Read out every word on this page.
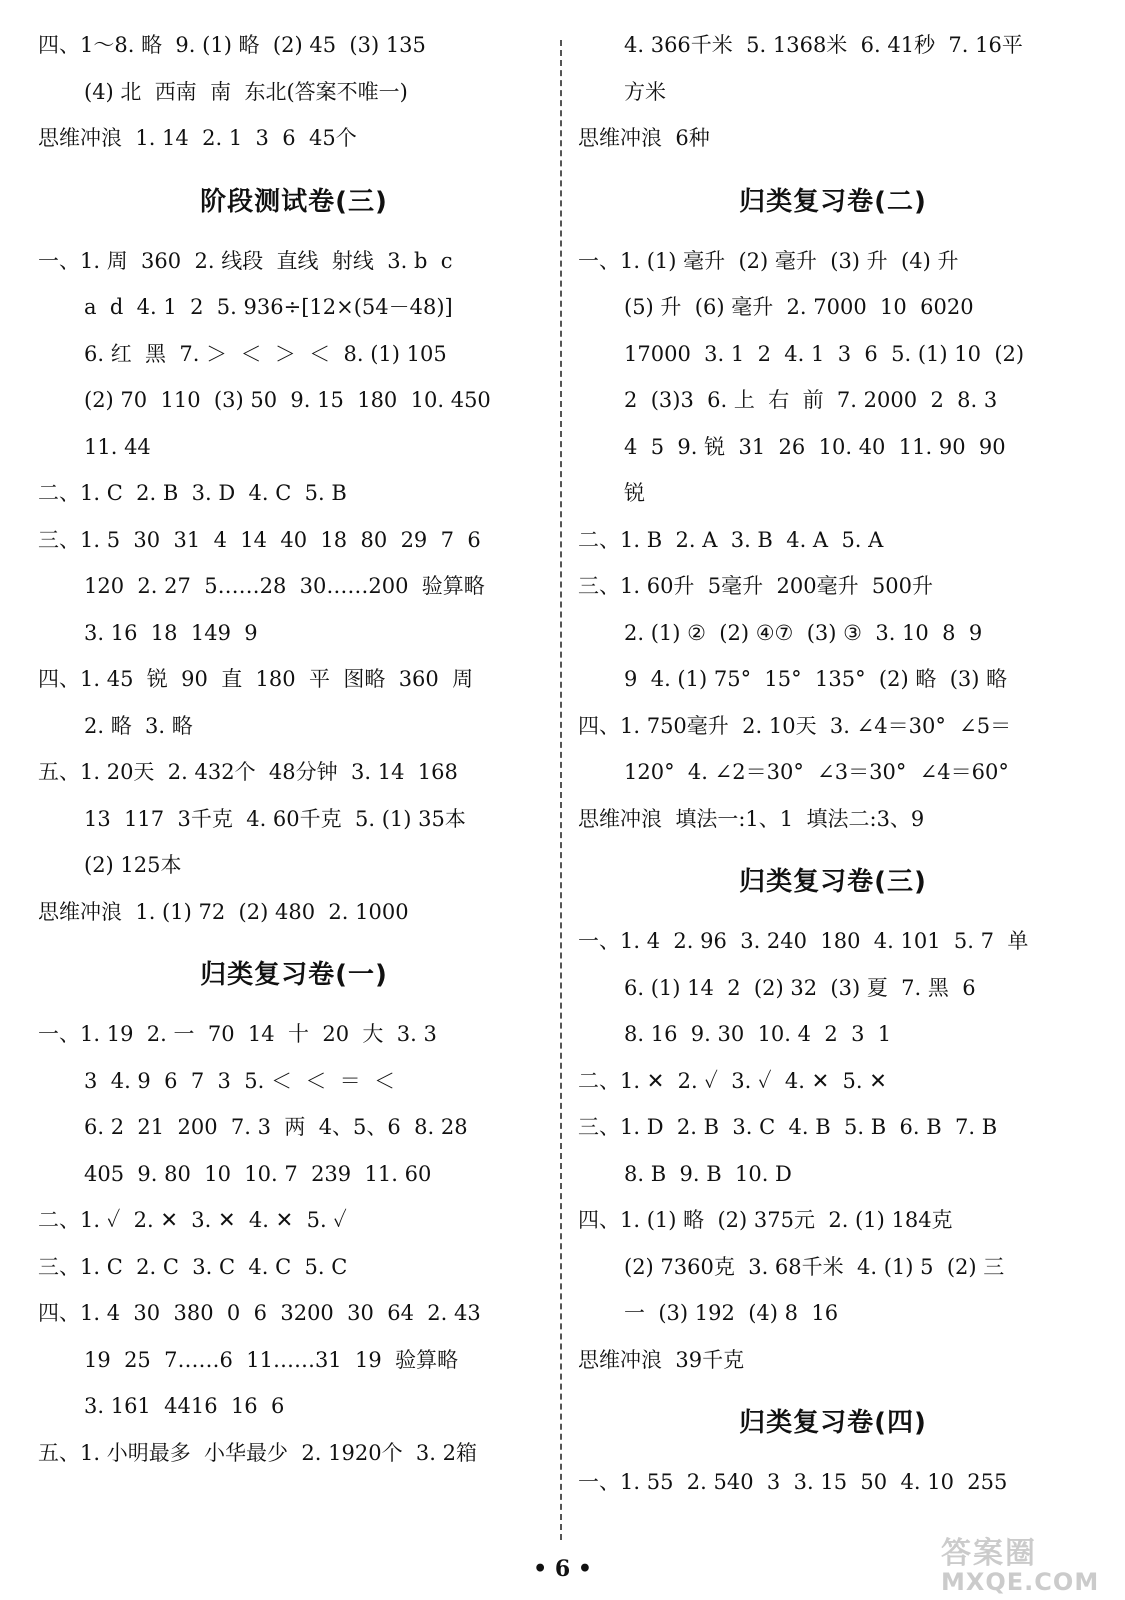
四、1～8. 略  9. (1) 略  (2) 45  (3) 135
(4) 北  西南  南  东北(答案不唯一)
思维冲浪  1. 14  2. 1  3  6  45个
阶段测试卷(三)
一、1. 周  360  2. 线段  直线  射线  3. b  c
a  d  4. 1  2  5. 936÷[12×(54－48)]
6. 红  黑  7. ＞  ＜  ＞  ＜  8. (1) 105
(2) 70  110  (3) 50  9. 15  180  10. 450
11. 44
二、1. C  2. B  3. D  4. C  5. B
三、1. 5  30  31  4  14  40  18  80  29  7  6
120  2. 27  5……28  30……200  验算略
3. 16  18  149  9
四、1. 45  锐  90  直  180  平  图略  360  周
2. 略  3. 略
五、1. 20天  2. 432个  48分钟  3. 14  168
13  117  3千克  4. 60千克  5. (1) 35本
(2) 125本
思维冲浪  1. (1) 72  (2) 480  2. 1000
归类复习卷(一)
一、1. 19  2. 一  70  14  十  20  大  3. 3
3  4. 9  6  7  3  5. ＜  ＜  ＝  ＜
6. 2  21  200  7. 3  两  4、5、6  8. 28
405  9. 80  10  10. 7  239  11. 60
二、1. ✓  2. ✕  3. ✕  4. ✕  5. ✓
三、1. C  2. C  3. C  4. C  5. C
四、1. 4  30  380  0  6  3200  30  64  2. 43
19  25  7……6  11……31  19  验算略
3. 161  4416  16  6
五、1. 小明最多  小华最少  2. 1920个  3. 2箱
4. 366千米  5. 1368米  6. 41秒  7. 16平
方米
思维冲浪  6种
归类复习卷(二)
一、1. (1) 毫升  (2) 毫升  (3) 升  (4) 升
(5) 升  (6) 毫升  2. 7000  10  6020
17000  3. 1  2  4. 1  3  6  5. (1) 10  (2)
2  (3)3  6. 上  右  前  7. 2000  2  8. 3
4  5  9. 锐  31  26  10. 40  11. 90  90
锐
二、1. B  2. A  3. B  4. A  5. A
三、1. 60升  5毫升  200毫升  500升
2. (1) ②  (2) ④⑦  (3) ③  3. 10  8  9
9  4. (1) 75°  15°  135°  (2) 略  (3) 略
四、1. 750毫升  2. 10天  3. ∠4＝30°  ∠5＝
120°  4. ∠2＝30°  ∠3＝30°  ∠4＝60°
思维冲浪  填法一:1、1  填法二:3、9
归类复习卷(三)
一、1. 4  2. 96  3. 240  180  4. 101  5. 7  单
6. (1) 14  2  (2) 32  (3) 夏  7. 黑  6
8. 16  9. 30  10. 4  2  3  1
二、1. ✕  2. ✓  3. ✓  4. ✕  5. ✕
三、1. D  2. B  3. C  4. B  5. B  6. B  7. B
8. B  9. B  10. D
四、1. (1) 略  (2) 375元  2. (1) 184克
(2) 7360克  3. 68千米  4. (1) 5  (2) 三
一  (3) 192  (4) 8  16
思维冲浪  39千克
归类复习卷(四)
一、1. 55  2. 540  3  3. 15  50  4. 10  255
• 6 •	答案圈
MXQE.COM
